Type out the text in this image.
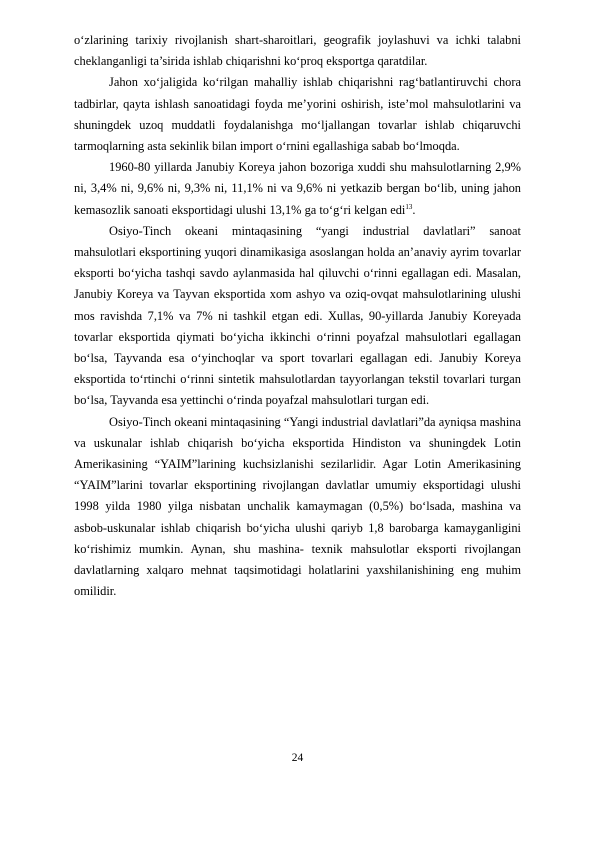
o‘zlarining tarixiy rivojlanish shart-sharoitlari, geografik joylashuvi va ichki talabni cheklanganligi ta’sirida ishlab chiqarishni ko‘proq eksportga qaratdilar.

Jahon xo‘jaligida ko‘rilgan mahalliy ishlab chiqarishni rag‘batlantiruvchi chora tadbirlar, qayta ishlash sanoatidagi foyda me’yorini oshirish, iste’mol mahsulotlarini va shuningdek uzoq muddatli foydalanishga mo‘ljallangan tovarlar ishlab chiqaruvchi tarmoqlarning asta sekinlik bilan import o‘rnini egallashiga sabab bo‘lmoqda.

1960-80 yillarda Janubiy Koreya jahon bozoriga xuddi shu mahsulotlarning 2,9% ni, 3,4% ni, 9,6% ni, 9,3% ni, 11,1% ni va 9,6% ni yetkazib bergan bo‘lib, uning jahon kemasozlik sanoati eksportidagi ulushi 13,1% ga to‘g‘ri kelgan edi$^{13}$.

Osiyo-Tinch okeani mintaqasining “yangi industrial davlatlari” sanoat mahsulotlari eksportining yuqori dinamikasiga asoslangan holda an’anaviy ayrim tovarlar eksporti bo‘yicha tashqi savdo aylanmasida hal qiluvchi o‘rinni egallagan edi. Masalan, Janubiy Koreya va Tayvan eksportida xom ashyo va oziq-ovqat mahsulotlarining ulushi mos ravishda 7,1% va 7% ni tashkil etgan edi. Xullas, 90-yillarda Janubiy Koreyada tovarlar eksportida qiymati bo‘yicha ikkinchi o‘rinni poyafzal mahsulotlari egallagan bo‘lsa, Tayvanda esa o‘yinchoqlar va sport tovarlari egallagan edi. Janubiy Koreya eksportida to‘rtinchi o‘rinni sintetik mahsulotlardan tayyorlangan tekstil tovarlari turgan bo‘lsa, Tayvanda esa yettinchi o‘rinda poyafzal mahsulotlari turgan edi.

Osiyo-Tinch okeani mintaqasining “Yangi industrial davlatlari”da ayniqsa mashina va uskunalar ishlab chiqarish bo‘yicha eksportida Hindiston va shuningdek Lotin Amerikasining “YAIM”larining kuchsizlanishi sezilarlidir. Agar Lotin Amerikasining “YAIM”larini tovarlar eksportining rivojlangan davlatlar umumiy eksportidagi ulushi 1998 yilda 1980 yilga nisbatan unchalik kamaymagan (0,5%) bo‘lsada, mashina va asbob-uskunalar ishlab chiqarish bo‘yicha ulushi qariyb 1,8 barobarga kamayganligini ko‘rishimiz mumkin. Aynan, shu mashina- texnik mahsulotlar eksporti rivojlangan davlatlarning xalqaro mehnat taqsimotidagi holatlarini yaxshilanishining eng muhim omilidir.

24
